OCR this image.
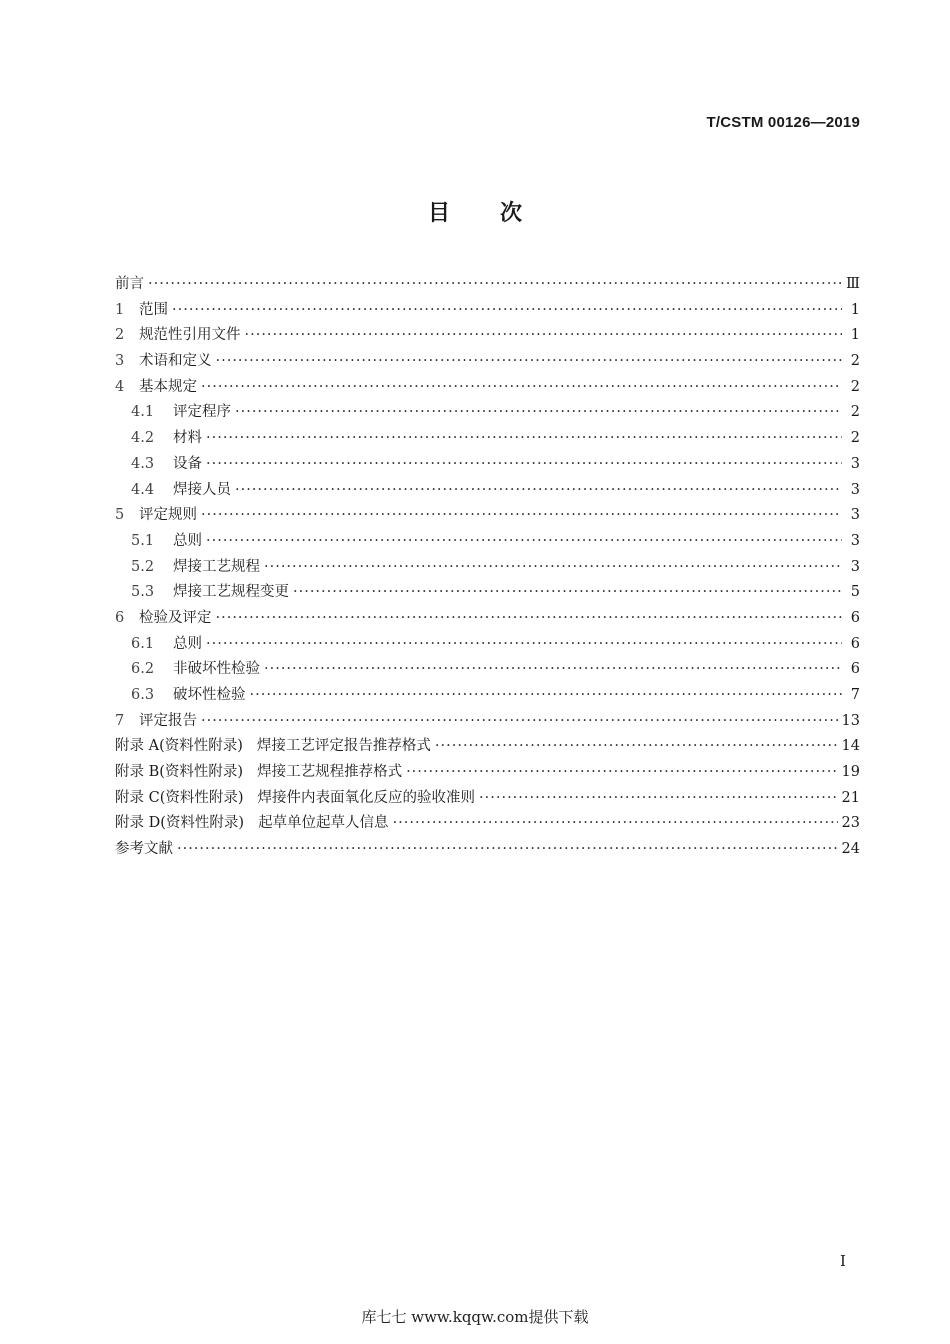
T/CSTM 00126—2019
目次
前言 ·····	Ⅲ
1	范围 ·····	1
2	规范性引用文件 ·····	1
3	术语和定义 ·····	2
4	基本规定 ·····	2
4.1	评定程序 ·····	2
4.2	材料 ·····	2
4.3	设备 ·····	3
4.4	焊接人员 ·····	3
5	评定规则 ·····	3
5.1	总则 ·····	3
5.2	焊接工艺规程 ·····	3
5.3	焊接工艺规程变更 ·····	5
6	检验及评定 ·····	6
6.1	总则 ·····	6
6.2	非破坏性检验 ·····	6
6.3	破坏性检验 ·····	7
7	评定报告 ·····	13
附录 A(资料性附录) 焊接工艺评定报告推荐格式 ·····	14
附录 B(资料性附录) 焊接工艺规程推荐格式 ·····	19
附录 C(资料性附录) 焊接件内表面氧化反应的验收准则 ·····	21
附录 D(资料性附录) 起草单位起草人信息 ·····	23
参考文献 ·····	24
I
库七七 www.kqqw.com提供下载
